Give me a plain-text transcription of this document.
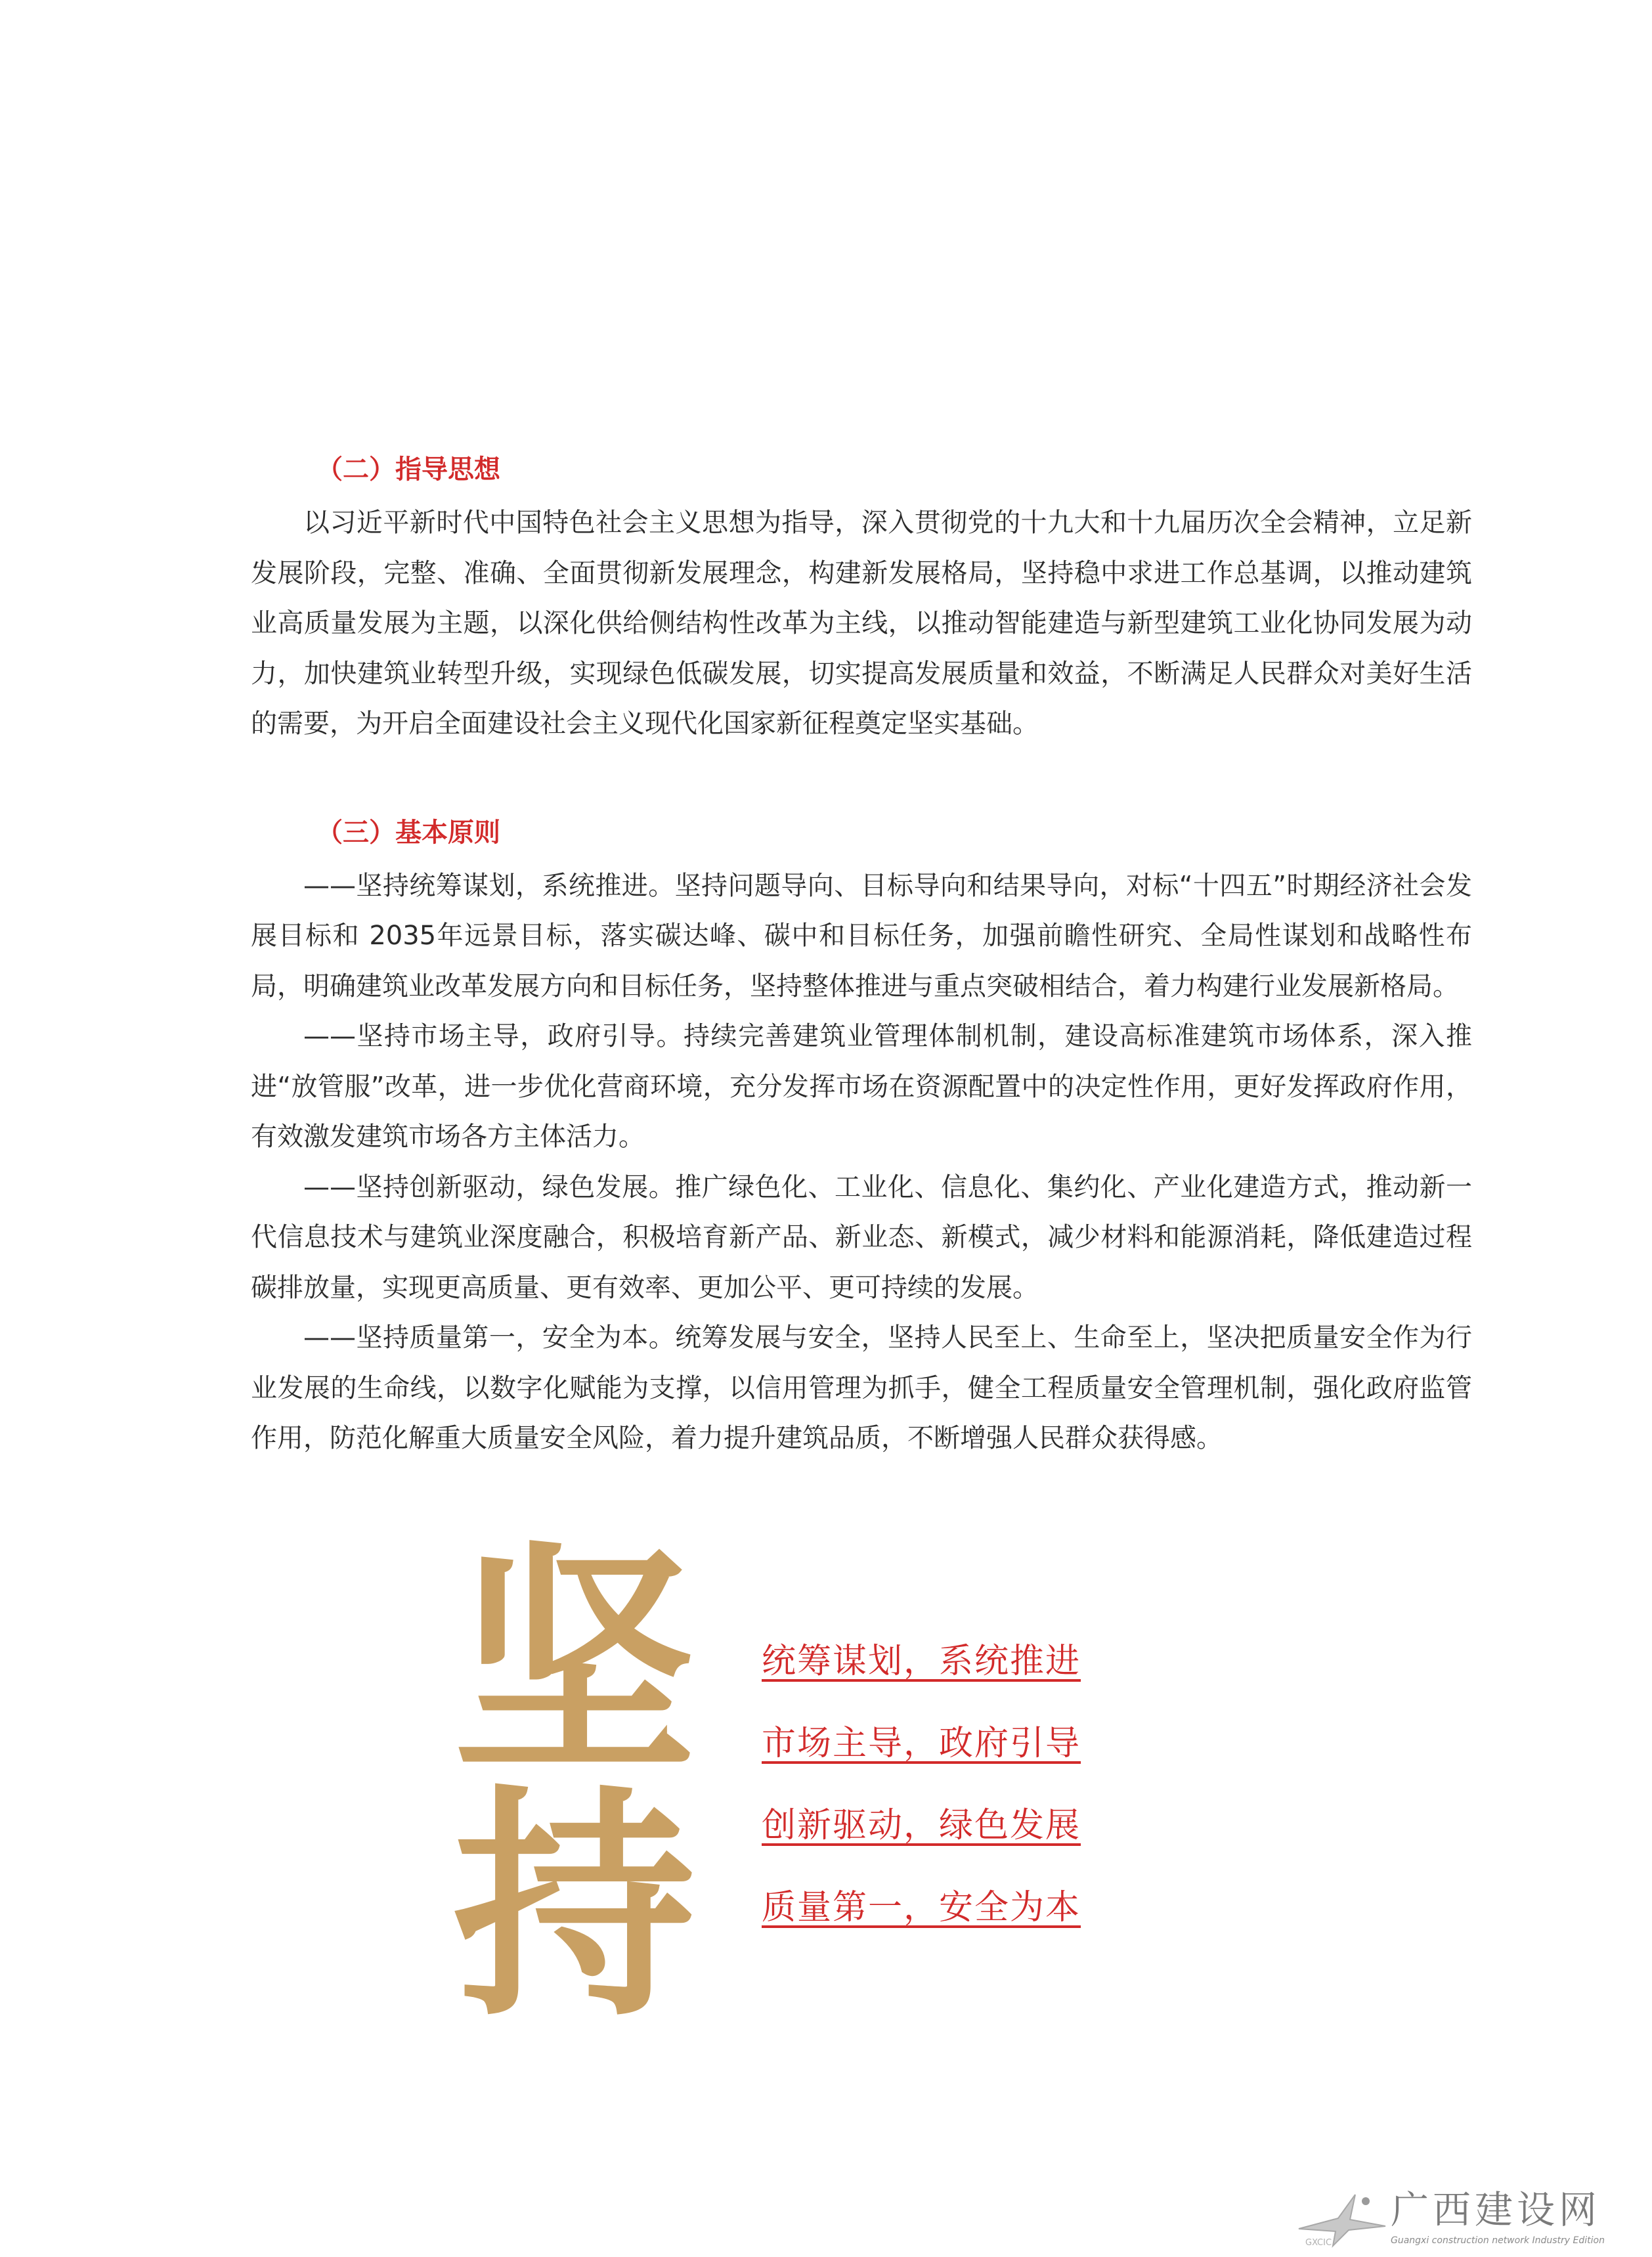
（二）指导思想

以习近平新时代中国特色社会主义思想为指导，深入贯彻党的十九大和十九届历次全会精神，立足新发展阶段，完整、准确、全面贯彻新发展理念，构建新发展格局，坚持稳中求进工作总基调，以推动建筑业高质量发展为主题，以深化供给侧结构性改革为主线，以推动智能建造与新型建筑工业化协同发展为动力，加快建筑业转型升级，实现绿色低碳发展，切实提高发展质量和效益，不断满足人民群众对美好生活的需要，为开启全面建设社会主义现代化国家新征程奠定坚实基础。

（三）基本原则

——坚持统筹谋划，系统推进。坚持问题导向、目标导向和结果导向，对标“十四五”时期经济社会发展目标和 2035年远景目标，落实碳达峰、碳中和目标任务，加强前瞻性研究、全局性谋划和战略性布局，明确建筑业改革发展方向和目标任务，坚持整体推进与重点突破相结合，着力构建行业发展新格局。

——坚持市场主导，政府引导。持续完善建筑业管理体制机制，建设高标准建筑市场体系，深入推进“放管服”改革，进一步优化营商环境，充分发挥市场在资源配置中的决定性作用，更好发挥政府作用，有效激发建筑市场各方主体活力。

——坚持创新驱动，绿色发展。推广绿色化、工业化、信息化、集约化、产业化建造方式，推动新一代信息技术与建筑业深度融合，积极培育新产品、新业态、新模式，减少材料和能源消耗，降低建造过程碳排放量，实现更高质量、更有效率、更加公平、更可持续的发展。

——坚持质量第一，安全为本。统筹发展与安全，坚持人民至上、生命至上，坚决把质量安全作为行业发展的生命线，以数字化赋能为支撑，以信用管理为抓手，健全工程质量安全管理机制，强化政府监管作用，防范化解重大质量安全风险，着力提升建筑品质，不断增强人民群众获得感。

坚
持
统筹谋划，系统推进
市场主导，政府引导
创新驱动，绿色发展
质量第一，安全为本
广西建设网
Guangxi construction network Industry Edition
GXCIC
